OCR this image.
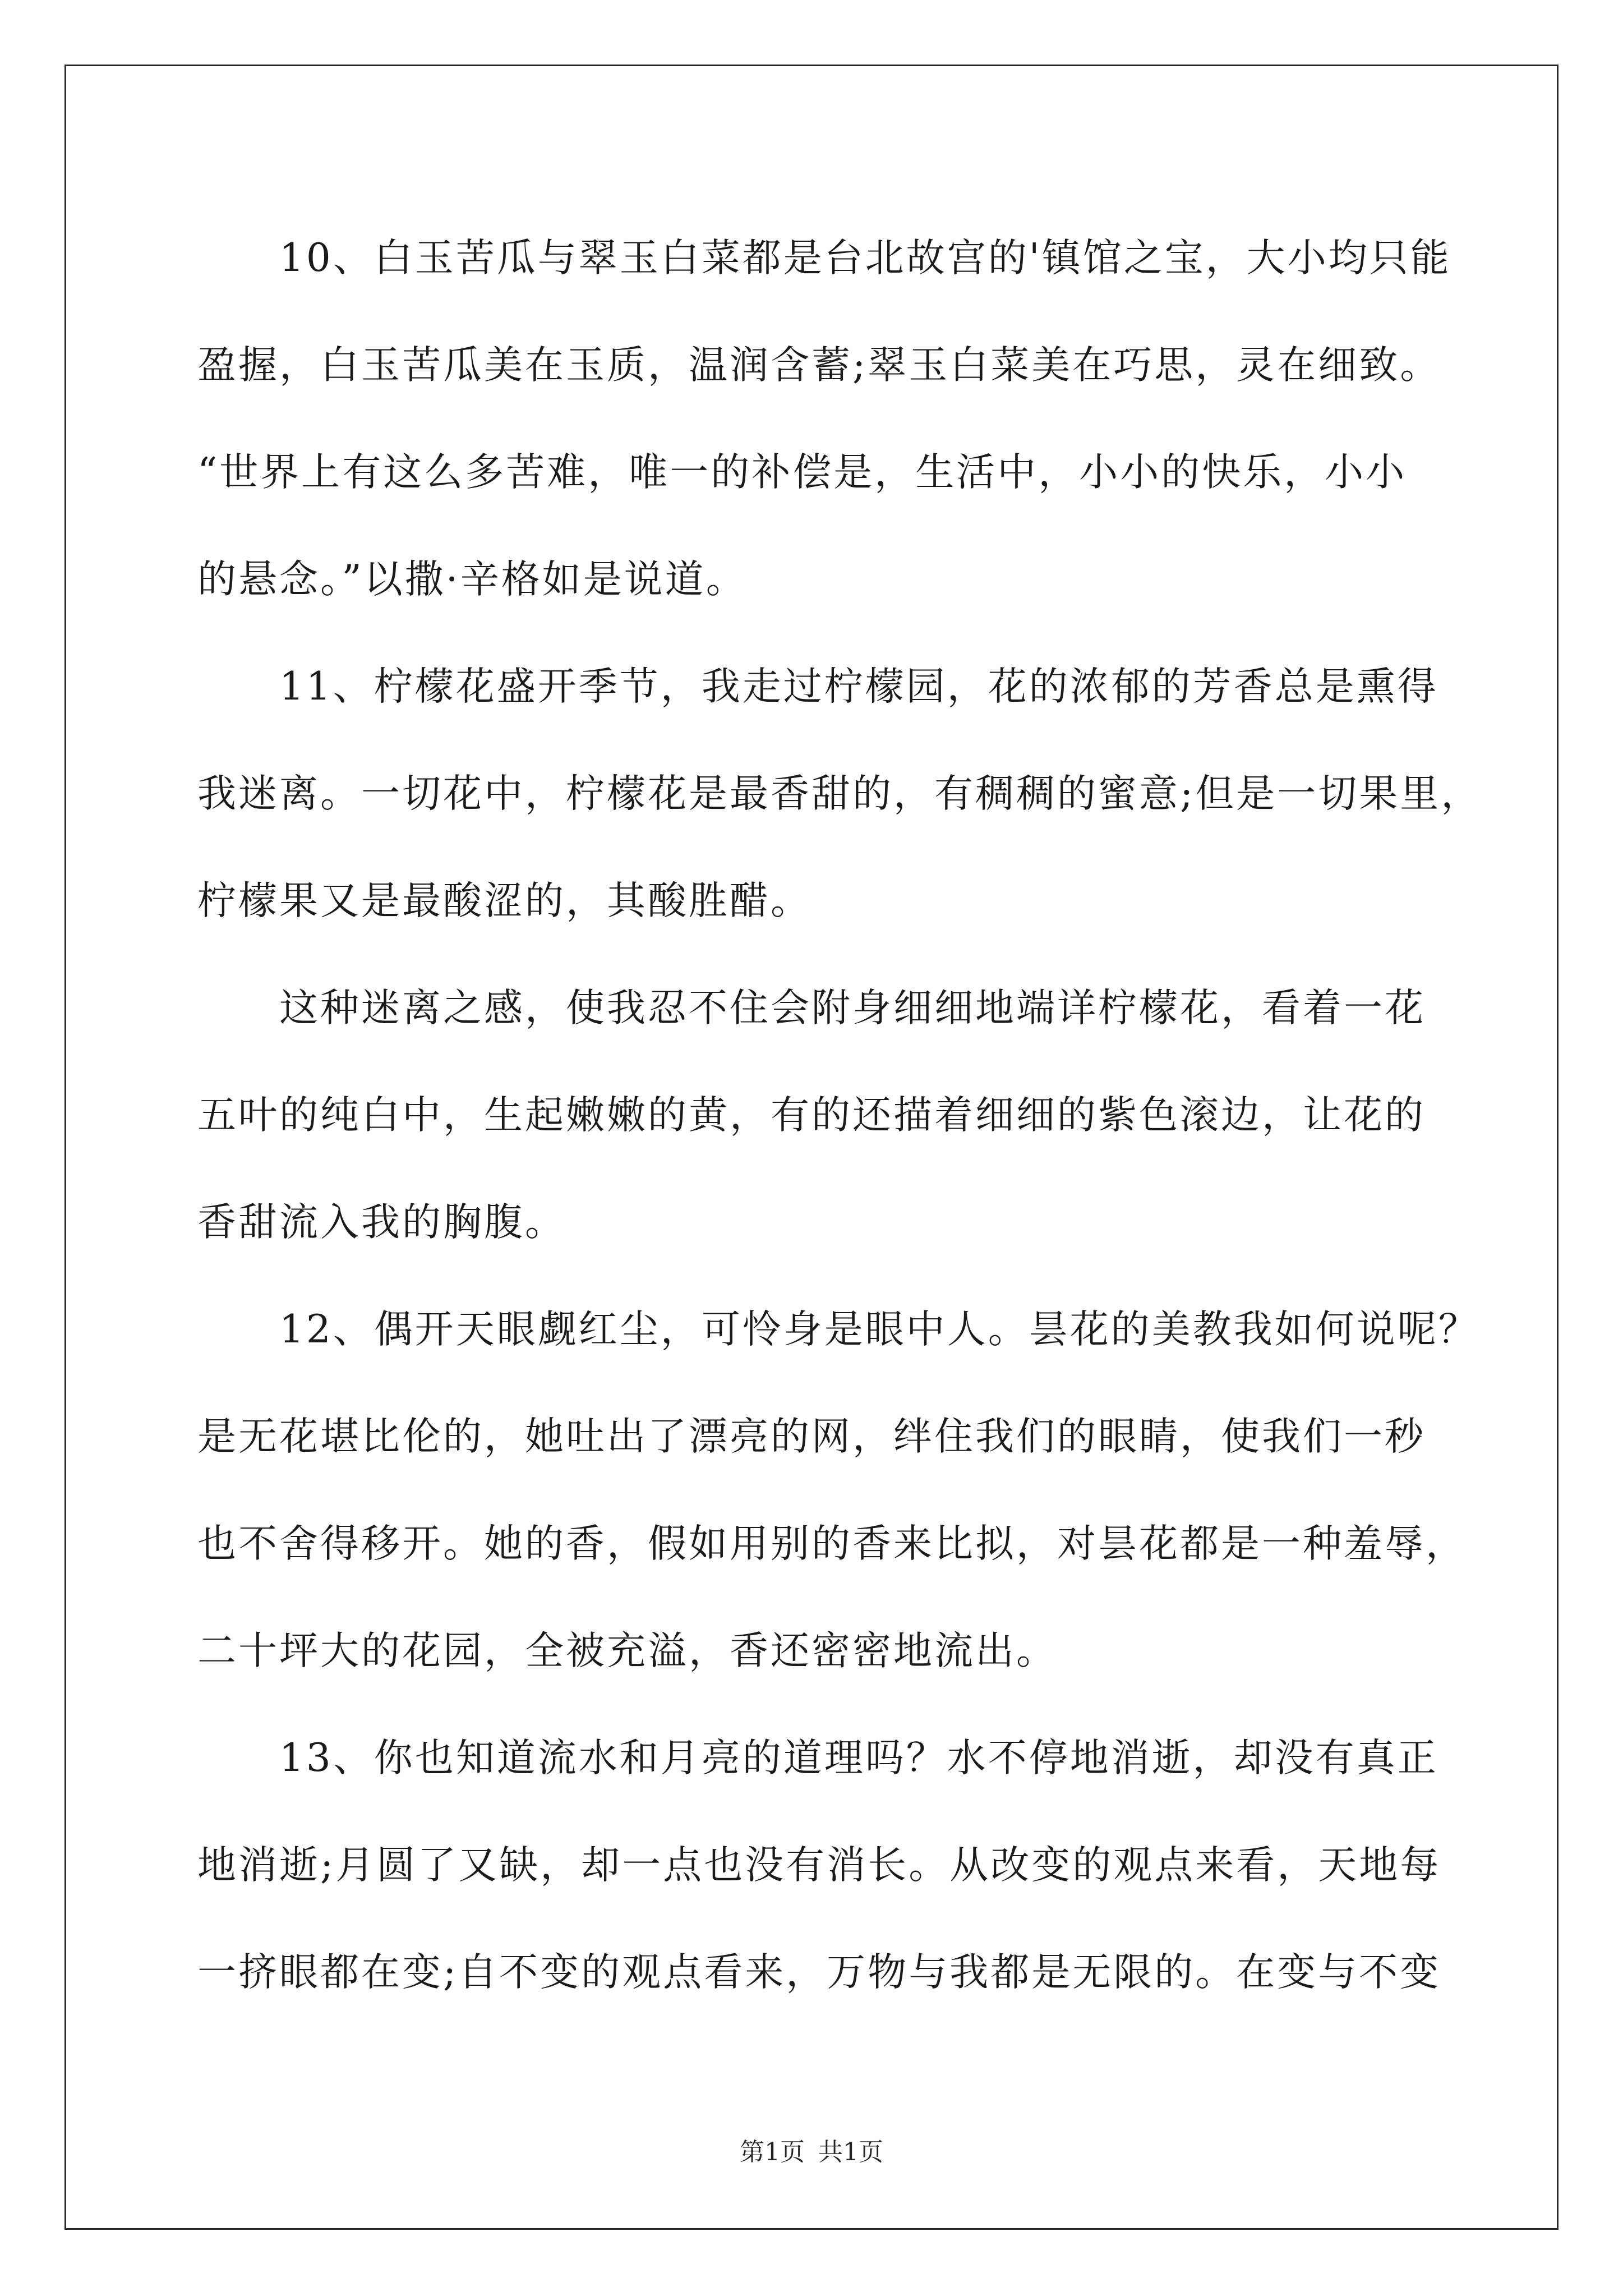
　　10、白玉苦瓜与翠玉白菜都是台北故宫的'镇馆之宝，大小均只能
盈握，白玉苦瓜美在玉质，温润含蓄;翠玉白菜美在巧思，灵在细致。
“世界上有这么多苦难，唯一的补偿是，生活中，小小的快乐，小小
的悬念。”以撒·辛格如是说道。
　　11、柠檬花盛开季节，我走过柠檬园，花的浓郁的芳香总是熏得
我迷离。一切花中，柠檬花是最香甜的，有稠稠的蜜意;但是一切果里，
柠檬果又是最酸涩的，其酸胜醋。
　　这种迷离之感，使我忍不住会附身细细地端详柠檬花，看着一花
五叶的纯白中，生起嫩嫩的黄，有的还描着细细的紫色滚边，让花的
香甜流入我的胸腹。
　　12、偶开天眼觑红尘，可怜身是眼中人。昙花的美教我如何说呢？
是无花堪比伦的，她吐出了漂亮的网，绊住我们的眼睛，使我们一秒
也不舍得移开。她的香，假如用别的香来比拟，对昙花都是一种羞辱，
二十坪大的花园，全被充溢，香还密密地流出。
　　13、你也知道流水和月亮的道理吗？水不停地消逝，却没有真正
地消逝;月圆了又缺，却一点也没有消长。从改变的观点来看，天地每
一挤眼都在变;自不变的观点看来，万物与我都是无限的。在变与不变
第1页 共1页
